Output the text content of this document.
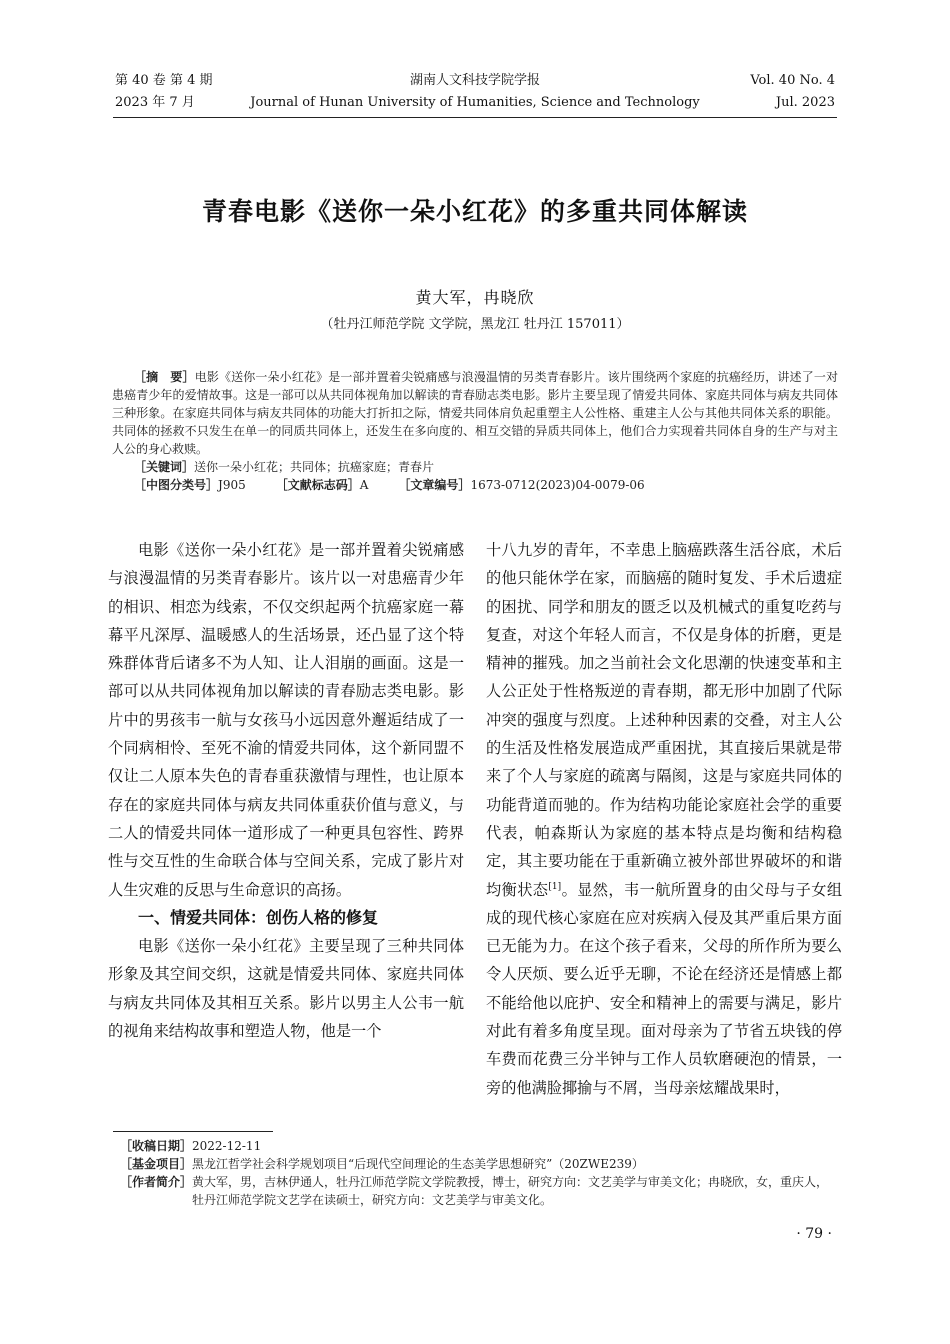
第 40 卷 第 4 期
2023 年 7 月
湖南人文科技学院学报
Journal of Hunan University of Humanities, Science and Technology
Vol. 40 No. 4
Jul. 2023
青春电影《送你一朵小红花》的多重共同体解读
黄大军，冉晓欣
（牡丹江师范学院 文学院，黑龙江 牡丹江 157011）

［摘　要］电影《送你一朵小红花》是一部并置着尖锐痛感与浪漫温情的另类青春影片。该片围绕两个家庭的抗癌经历，讲述了一对患癌青少年的爱情故事。这是一部可以从共同体视角加以解读的青春励志类电影。影片主要呈现了情爱共同体、家庭共同体与病友共同体三种形象。在家庭共同体与病友共同体的功能大打折扣之际，情爱共同体肩负起重塑主人公性格、重建主人公与其他共同体关系的职能。共同体的拯救不只发生在单一的同质共同体上，还发生在多向度的、相互交错的异质共同体上，他们合力实现着共同体自身的生产与对主人公的身心救赎。

［关键词］送你一朵小红花；共同体；抗癌家庭；青春片

［中图分类号］J905	［文献标志码］A	［文章编号］1673-0712(2023)04-0079-06

电影《送你一朵小红花》是一部并置着尖锐痛感与浪漫温情的另类青春影片。该片以一对患癌青少年的相识、相恋为线索，不仅交织起两个抗癌家庭一幕幕平凡深厚、温暖感人的生活场景，还凸显了这个特殊群体背后诸多不为人知、让人泪崩的画面。这是一部可以从共同体视角加以解读的青春励志类电影。影片中的男孩韦一航与女孩马小远因意外邂逅结成了一个同病相怜、至死不渝的情爱共同体，这个新同盟不仅让二人原本失色的青春重获激情与理性，也让原本存在的家庭共同体与病友共同体重获价值与意义，与二人的情爱共同体一道形成了一种更具包容性、跨界性与交互性的生命联合体与空间关系，完成了影片对人生灾难的反思与生命意识的高扬。

一、情爱共同体：创伤人格的修复

电影《送你一朵小红花》主要呈现了三种共同体形象及其空间交织，这就是情爱共同体、家庭共同体与病友共同体及其相互关系。影片以男主人公韦一航的视角来结构故事和塑造人物，他是一个

十八九岁的青年，不幸患上脑癌跌落生活谷底，术后的他只能休学在家，而脑癌的随时复发、手术后遗症的困扰、同学和朋友的匮乏以及机械式的重复吃药与复查，对这个年轻人而言，不仅是身体的折磨，更是精神的摧残。加之当前社会文化思潮的快速变革和主人公正处于性格叛逆的青春期，都无形中加剧了代际冲突的强度与烈度。上述种种因素的交叠，对主人公的生活及性格发展造成严重困扰，其直接后果就是带来了个人与家庭的疏离与隔阂，这是与家庭共同体的功能背道而驰的。作为结构功能论家庭社会学的重要代表，帕森斯认为家庭的基本特点是均衡和结构稳定，其主要功能在于重新确立被外部世界破坏的和谐均衡状态[1]。显然，韦一航所置身的由父母与子女组成的现代核心家庭在应对疾病入侵及其严重后果方面已无能为力。在这个孩子看来，父母的所作所为要么令人厌烦、要么近乎无聊，不论在经济还是情感上都不能给他以庇护、安全和精神上的需要与满足，影片对此有着多角度呈现。面对母亲为了节省五块钱的停车费而花费三分半钟与工作人员软磨硬泡的情景，一旁的他满脸揶揄与不屑，当母亲炫耀战果时，

［收稿日期］2022-12-11

［基金项目］黑龙江哲学社会科学规划项目“后现代空间理论的生态美学思想研究”（20ZWE239）

［作者简介］黄大军，男，吉林伊通人，牡丹江师范学院文学院教授，博士，研究方向：文艺美学与审美文化；冉晓欣，女，重庆人，牡丹江师范学院文艺学在读硕士，研究方向：文艺美学与审美文化。

· 79 ·
